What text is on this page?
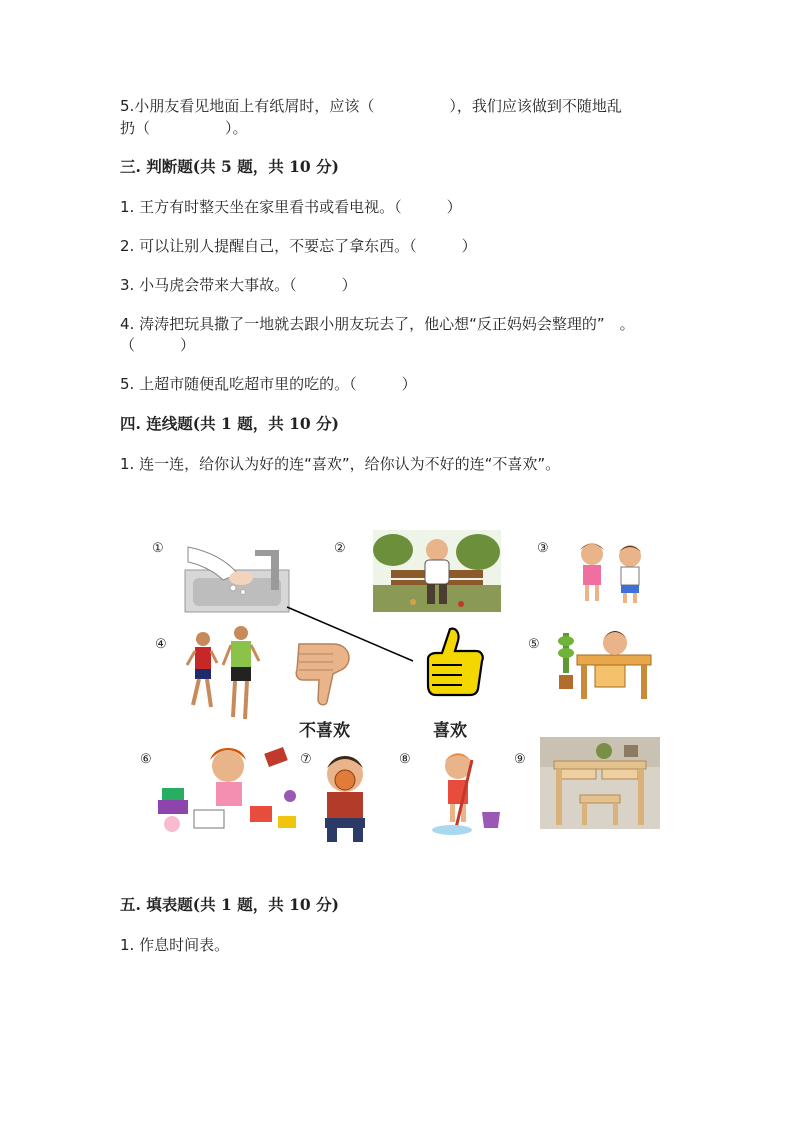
5.小朋友看见地面上有纸屑时，应该（　　　　　），我们应该做到不随地乱
扔（　　　　　）。
三. 判断题(共 5 题，共 10 分)
1. 王方有时整天坐在家里看书或看电视。（　　　）
2. 可以让别人提醒自己，不要忘了拿东西。（　　　）
3. 小马虎会带来大事故。（　　　）
4. 涛涛把玩具撒了一地就去跟小朋友玩去了，他心想“反正妈妈会整理的”　。
（　　　）
5. 上超市随便乱吃超市里的吃的。（　　　）
四. 连线题(共 1 题，共 10 分)
1. 连一连，给你认为好的连“喜欢”，给你认为不好的连“不喜欢”。
①	②	③
④	⑤
⑥	⑦	⑧	⑨
不喜欢	喜欢
五. 填表题(共 1 题，共 10 分)
1. 作息时间表。
